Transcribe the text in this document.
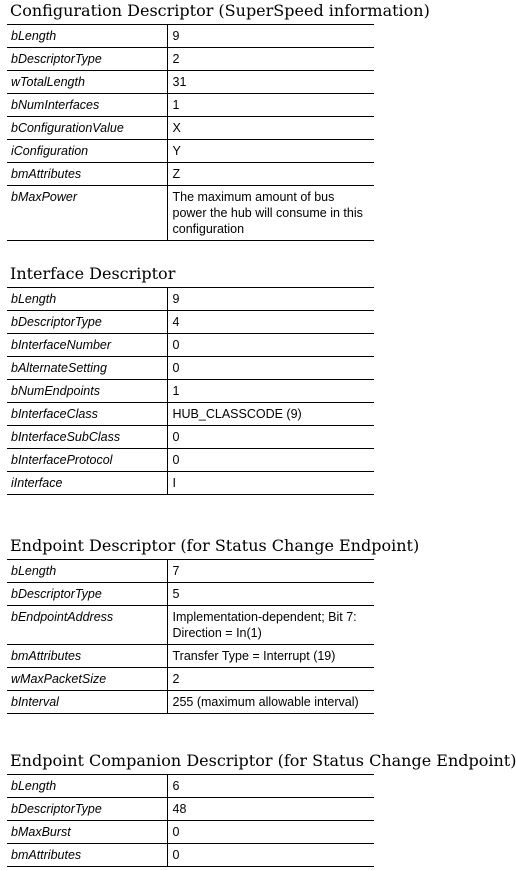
Configuration Descriptor (SuperSpeed information)
bLength	9
bDescriptorType	2
wTotalLength	31
bNumInterfaces	1
bConfigurationValue	X
iConfiguration	Y
bmAttributes	Z
bMaxPower	The maximum amount of bus power the hub will consume in this configuration
Interface Descriptor
bLength	9
bDescriptorType	4
bInterfaceNumber	0
bAlternateSetting	0
bNumEndpoints	1
bInterfaceClass	HUB_CLASSCODE (9)
bInterfaceSubClass	0
bInterfaceProtocol	0
iInterface	I
Endpoint Descriptor (for Status Change Endpoint)
bLength	7
bDescriptorType	5
bEndpointAddress	Implementation-dependent; Bit 7: Direction = In(1)
bmAttributes	Transfer Type = Interrupt (19)
wMaxPacketSize	2
bInterval	255 (maximum allowable interval)
Endpoint Companion Descriptor (for Status Change Endpoint)
bLength	6
bDescriptorType	48
bMaxBurst	0
bmAttributes	0
